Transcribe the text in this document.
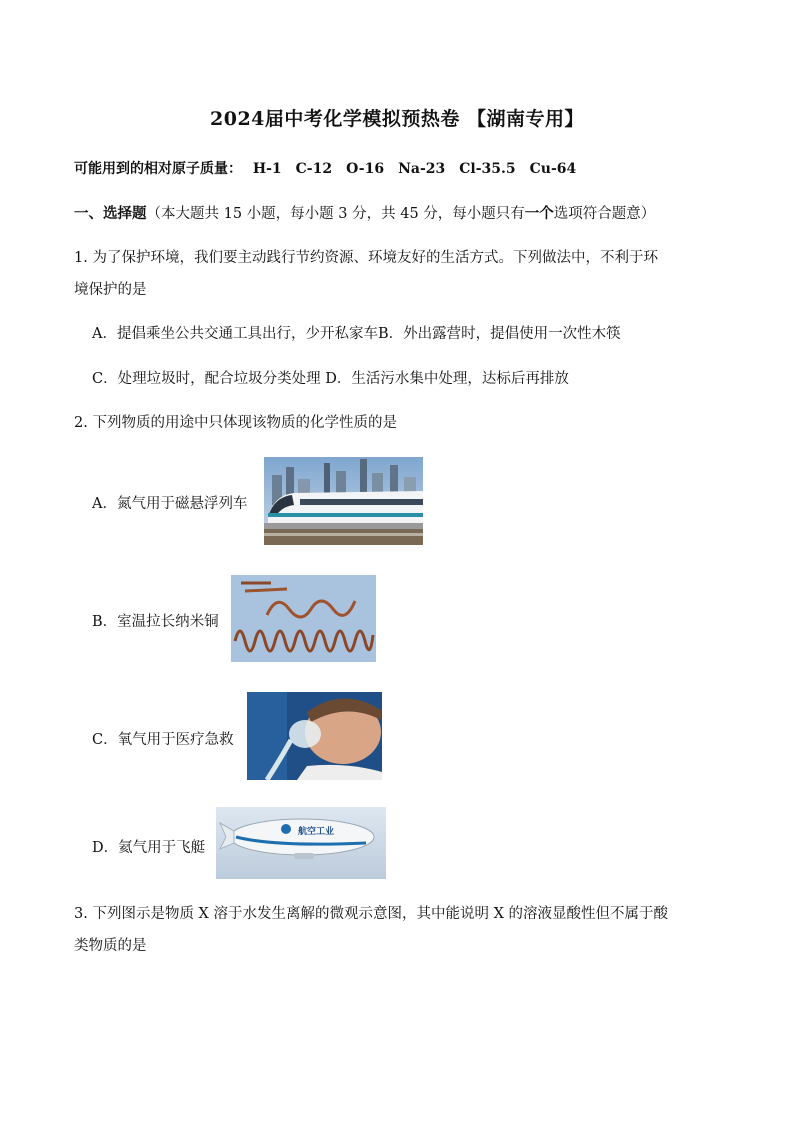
2024届中考化学模拟预热卷 【湖南专用】
可能用到的相对原子质量： H-1　C-12　O-16　Na-23　Cl-35.5　Cu-64
一、选择题（本大题共 15 小题，每小题 3 分，共 45 分，每小题只有一个选项符合题意）
1. 为了保护环境，我们要主动践行节约资源、环境友好的生活方式。下列做法中，不利于环
境保护的是
A．提倡乘坐公共交通工具出行，少开私家车B．外出露营时，提倡使用一次性木筷
C．处理垃圾时，配合垃圾分类处理 D．生活污水集中处理，达标后再排放
2. 下列物质的用途中只体现该物质的化学性质的是
A．氮气用于磁悬浮列车
B．室温拉长纳米铜
C．氧气用于医疗急救
D．氦气用于飞艇
航空工业
3. 下列图示是物质 X 溶于水发生离解的微观示意图，其中能说明 X 的溶液显酸性但不属于酸
类物质的是
